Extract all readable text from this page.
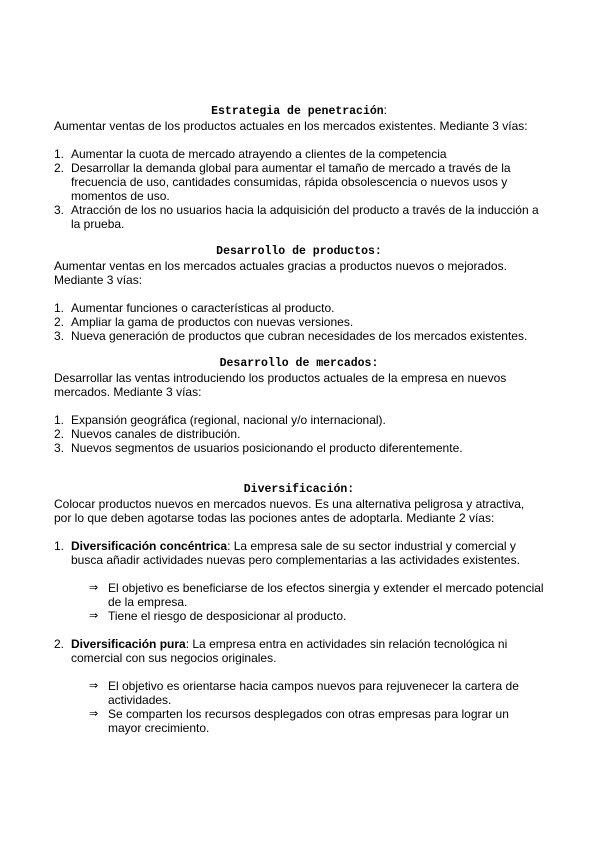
Estrategia de penetración:

Aumentar ventas de los productos actuales en los mercados existentes. Mediante 3 vías:

1. Aumentar la cuota de mercado atrayendo a clientes de la competencia
2. Desarrollar la demanda global para aumentar el tamaño de mercado a través de la frecuencia de uso, cantidades consumidas, rápida obsolescencia o nuevos usos y momentos de uso.
3. Atracción de los no usuarios hacia la adquisición del producto a través de la inducción a la prueba.
Desarrollo de productos:

Aumentar ventas en los mercados actuales gracias a productos nuevos o mejorados. Mediante 3 vías:

1. Aumentar funciones o características al producto.
2. Ampliar la gama de productos con nuevas versiones.
3. Nueva generación de productos que cubran necesidades de los mercados existentes.
Desarrollo de mercados:

Desarrollar las ventas introduciendo los productos actuales de la empresa en nuevos mercados. Mediante 3 vías:

1. Expansión geográfica (regional, nacional y/o internacional).
2. Nuevos canales de distribución.
3. Nuevos segmentos de usuarios posicionando el producto diferentemente.
Diversificación:

Colocar productos nuevos en mercados nuevos. Es una alternativa peligrosa y atractiva, por lo que deben agotarse todas las pociones antes de adoptarla. Mediante 2 vías:

1. Diversificación concéntrica: La empresa sale de su sector industrial y comercial y busca añadir actividades nuevas pero complementarias a las actividades existentes.
⇒ El objetivo es beneficiarse de los efectos sinergia y extender el mercado potencial de la empresa.
⇒ Tiene el riesgo de desposicionar al producto.
2. Diversificación pura: La empresa entra en actividades sin relación tecnológica ni comercial con sus negocios originales.
⇒ El objetivo es orientarse hacia campos nuevos para rejuvenecer la cartera de actividades.
⇒ Se comparten los recursos desplegados con otras empresas para lograr un mayor crecimiento.
